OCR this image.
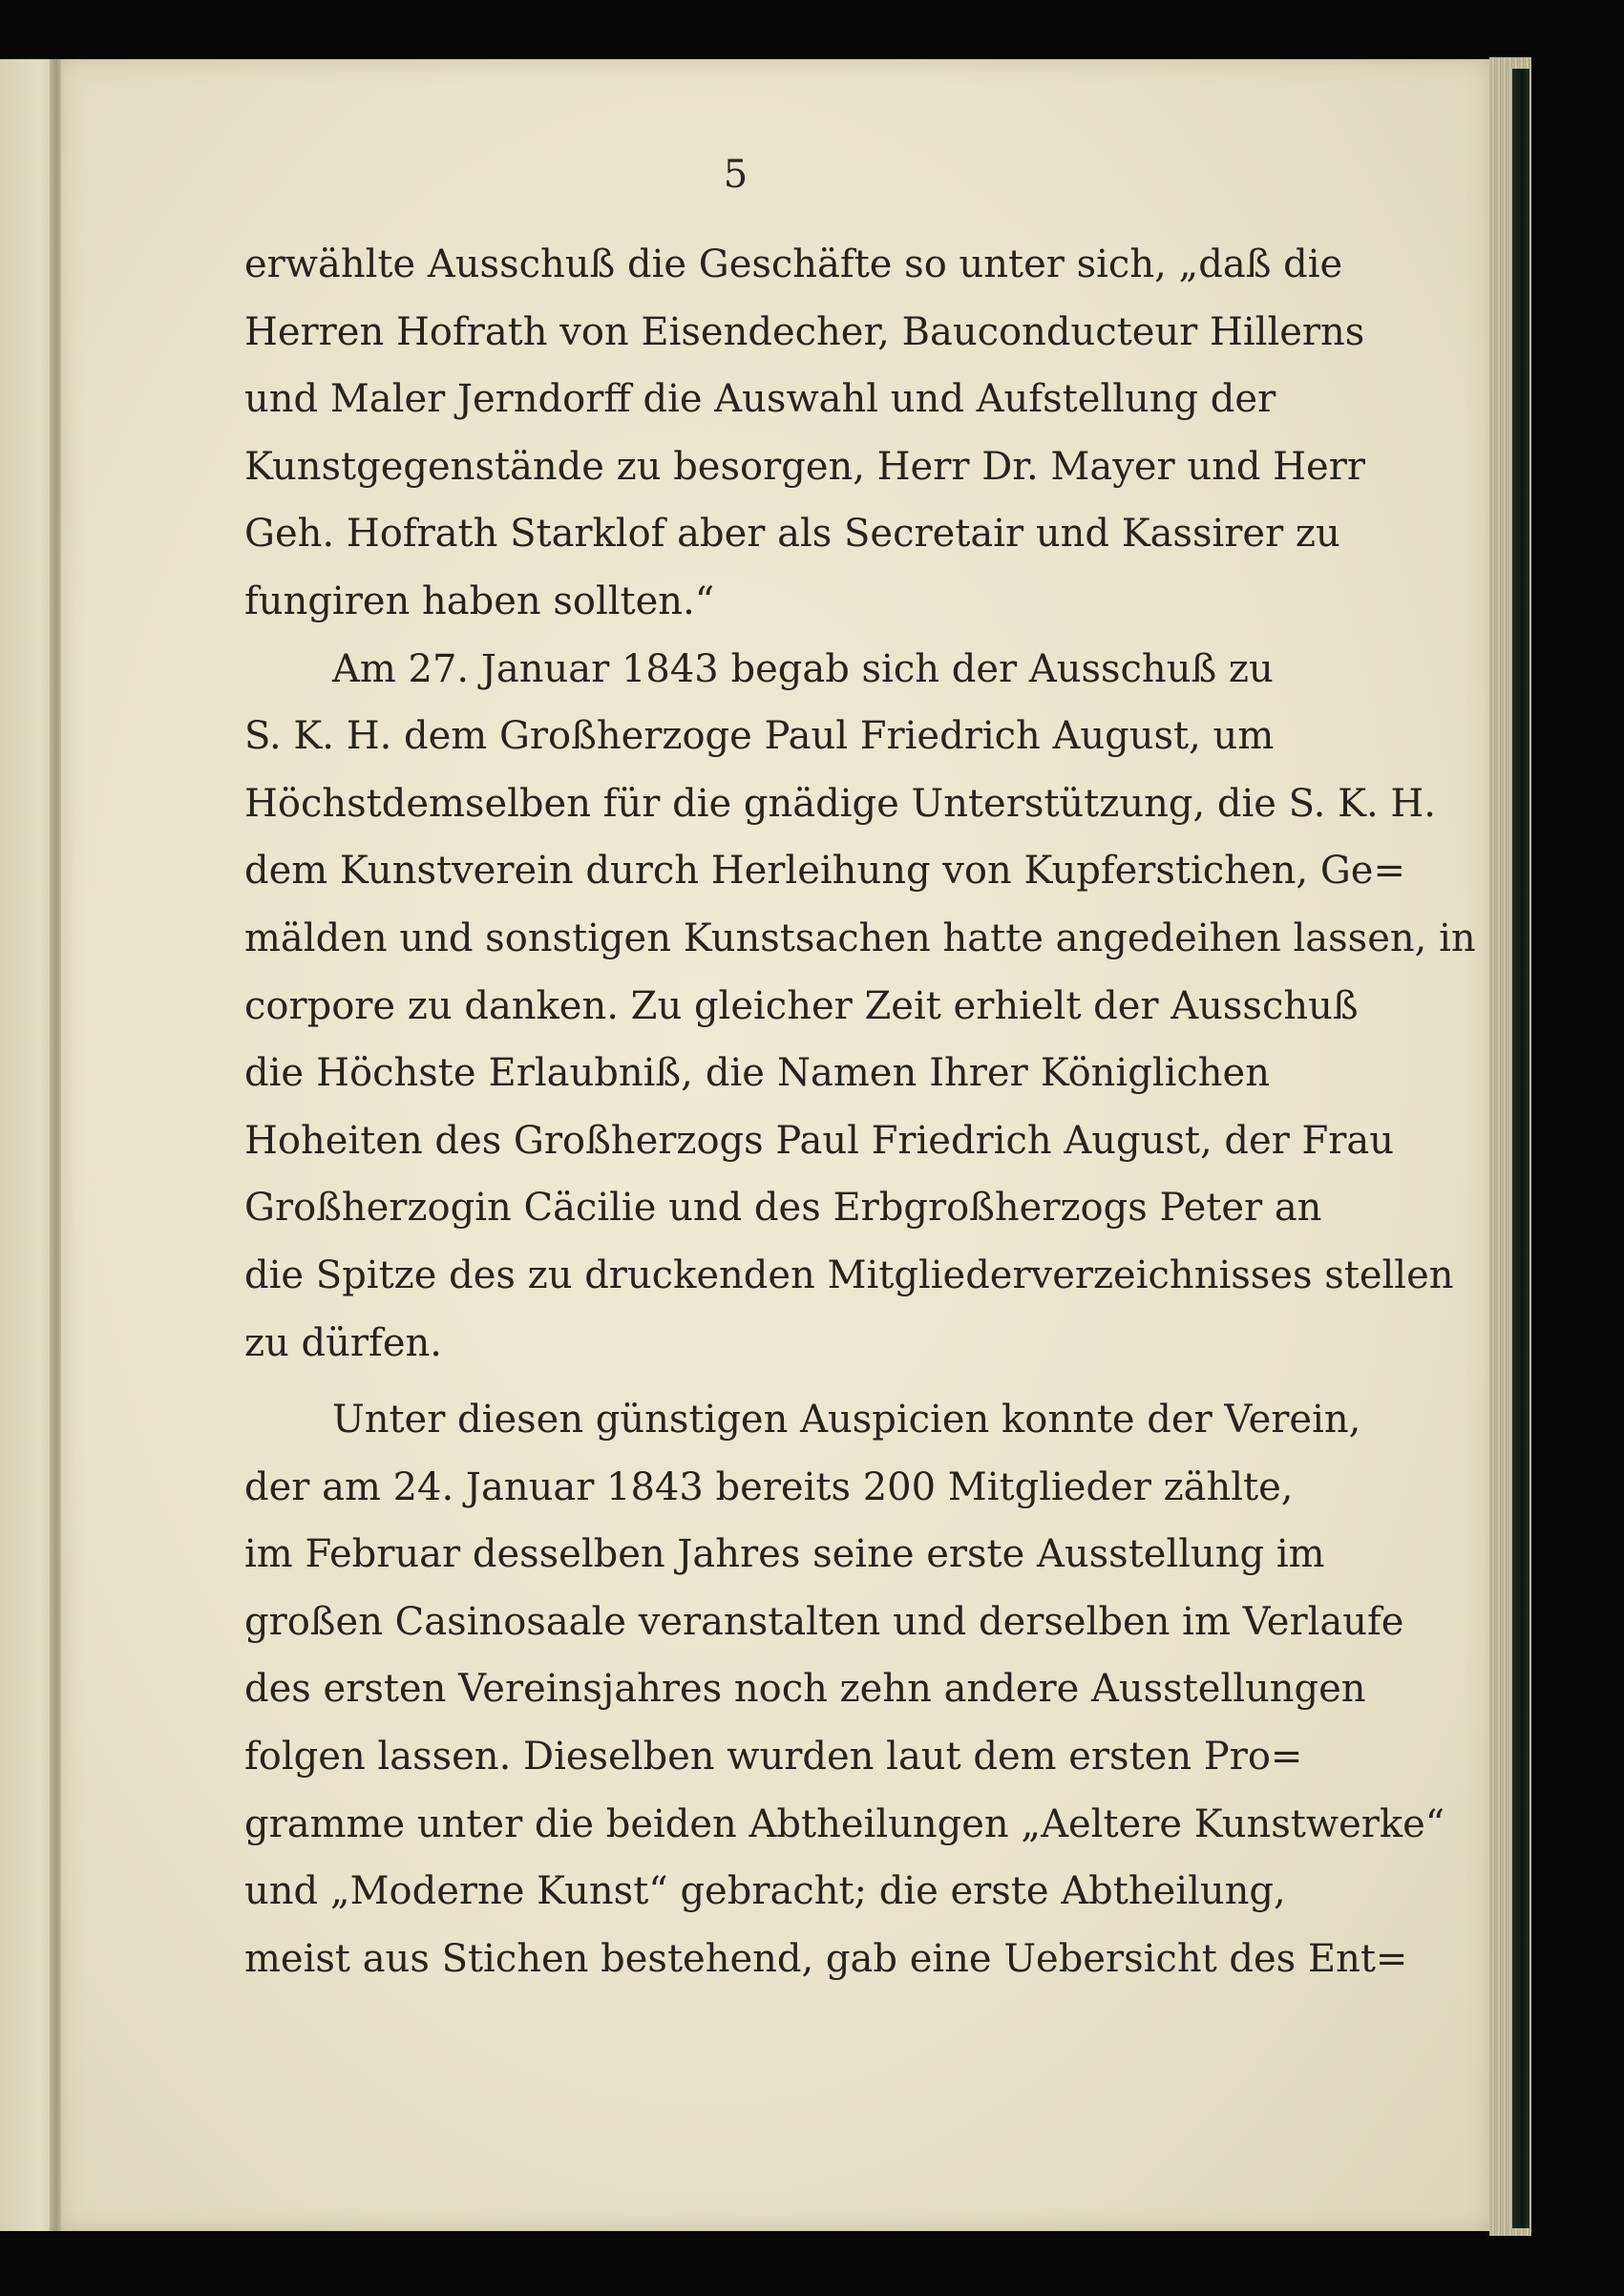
5
erwählte Ausschuß die Geschäfte so unter sich, „daß die
Herren Hofrath von Eisendecher, Bauconducteur Hillerns
und Maler Jerndorff die Auswahl und Aufstellung der
Kunstgegenstände zu besorgen, Herr Dr. Mayer und Herr
Geh. Hofrath Starklof aber als Secretair und Kassirer zu
fungiren haben sollten.“
Am 27. Januar 1843 begab sich der Ausschuß zu
S. K. H. dem Großherzoge Paul Friedrich August, um
Höchstdemselben für die gnädige Unterstützung, die S. K. H.
dem Kunstverein durch Herleihung von Kupferstichen, Ge=
mälden und sonstigen Kunstsachen hatte angedeihen lassen, in
corpore zu danken. Zu gleicher Zeit erhielt der Ausschuß
die Höchste Erlaubniß, die Namen Ihrer Königlichen
Hoheiten des Großherzogs Paul Friedrich August, der Frau
Großherzogin Cäcilie und des Erbgroßherzogs Peter an
die Spitze des zu druckenden Mitgliederverzeichnisses stellen
zu dürfen.
Unter diesen günstigen Auspicien konnte der Verein,
der am 24. Januar 1843 bereits 200 Mitglieder zählte,
im Februar desselben Jahres seine erste Ausstellung im
großen Casinosaale veranstalten und derselben im Verlaufe
des ersten Vereinsjahres noch zehn andere Ausstellungen
folgen lassen. Dieselben wurden laut dem ersten Pro=
gramme unter die beiden Abtheilungen „Aeltere Kunstwerke“
und „Moderne Kunst“ gebracht; die erste Abtheilung,
meist aus Stichen bestehend, gab eine Uebersicht des Ent=
